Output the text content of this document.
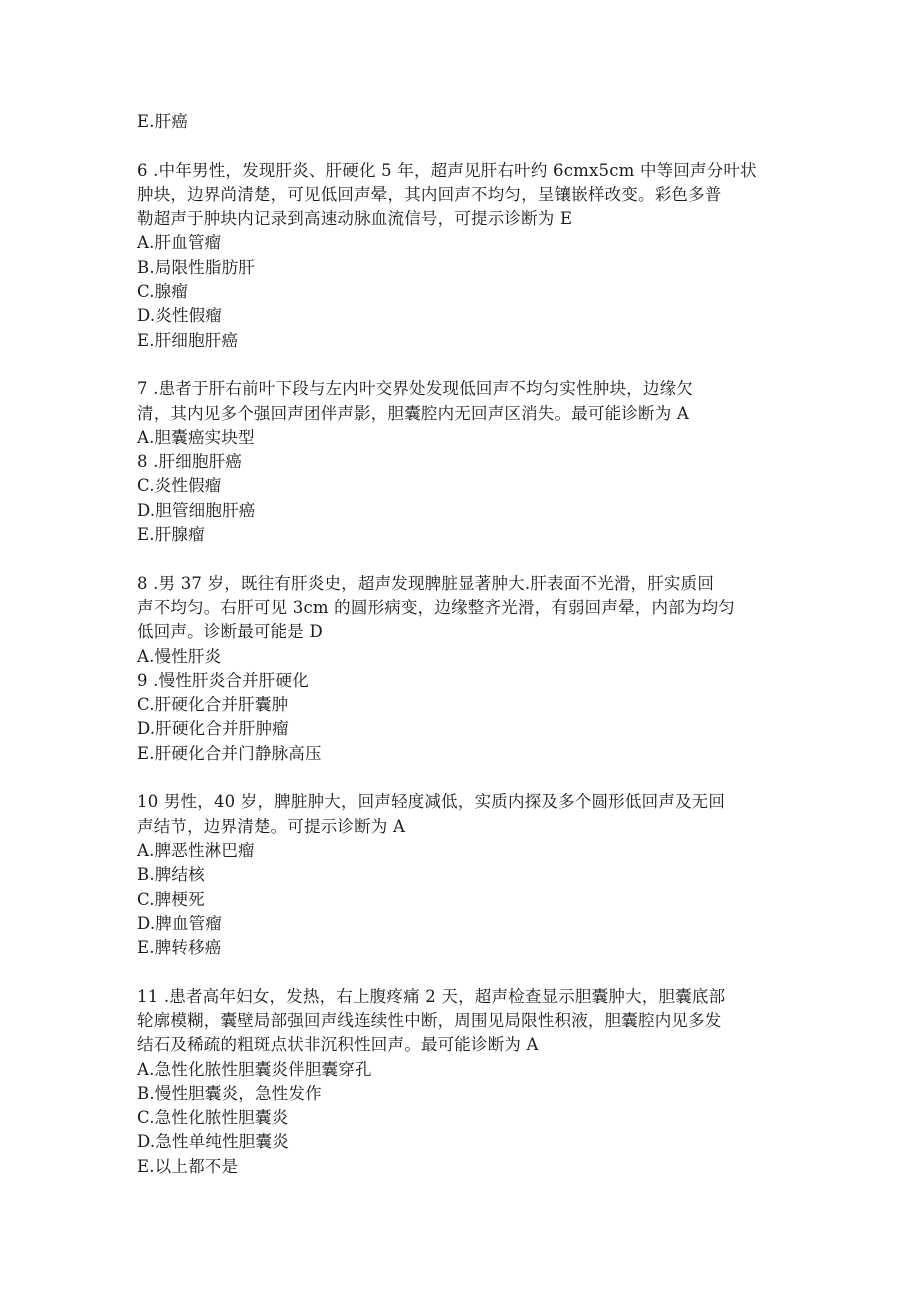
E.肝癌
6 .中年男性，发现肝炎、肝硬化 5 年，超声见肝右叶约 6cmx5cm 中等回声分叶状
肿块，边界尚清楚，可见低回声晕，其内回声不均匀，呈镶嵌样改变。彩色多普
勒超声于肿块内记录到高速动脉血流信号，可提示诊断为 E
A.肝血管瘤
B.局限性脂肪肝
C.腺瘤
D.炎性假瘤
E.肝细胞肝癌
7 .患者于肝右前叶下段与左内叶交界处发现低回声不均匀实性肿块，边缘欠
清，其内见多个强回声团伴声影，胆囊腔内无回声区消失。最可能诊断为 A
A.胆囊癌实块型
8 .肝细胞肝癌
C.炎性假瘤
D.胆管细胞肝癌
E.肝腺瘤
8 .男 37 岁，既往有肝炎史，超声发现脾脏显著肿大.肝表面不光滑，肝实质回
声不均匀。右肝可见 3cm 的圆形病变，边缘整齐光滑，有弱回声晕，内部为均匀
低回声。诊断最可能是 D
A.慢性肝炎
9 .慢性肝炎合并肝硬化
C.肝硬化合并肝囊肿
D.肝硬化合并肝肿瘤
E.肝硬化合并门静脉高压
10 男性，40 岁，脾脏肿大，回声轻度减低，实质内探及多个圆形低回声及无回
声结节，边界清楚。可提示诊断为 A
A.脾恶性淋巴瘤
B.脾结核
C.脾梗死
D.脾血管瘤
E.脾转移癌
11 .患者高年妇女，发热，右上腹疼痛 2 天，超声检查显示胆囊肿大，胆囊底部
轮廓模糊，囊壁局部强回声线连续性中断，周围见局限性积液，胆囊腔内见多发
结石及稀疏的粗斑点状非沉积性回声。最可能诊断为 A
A.急性化脓性胆囊炎伴胆囊穿孔
B.慢性胆囊炎，急性发作
C.急性化脓性胆囊炎
D.急性单纯性胆囊炎
E.以上都不是
